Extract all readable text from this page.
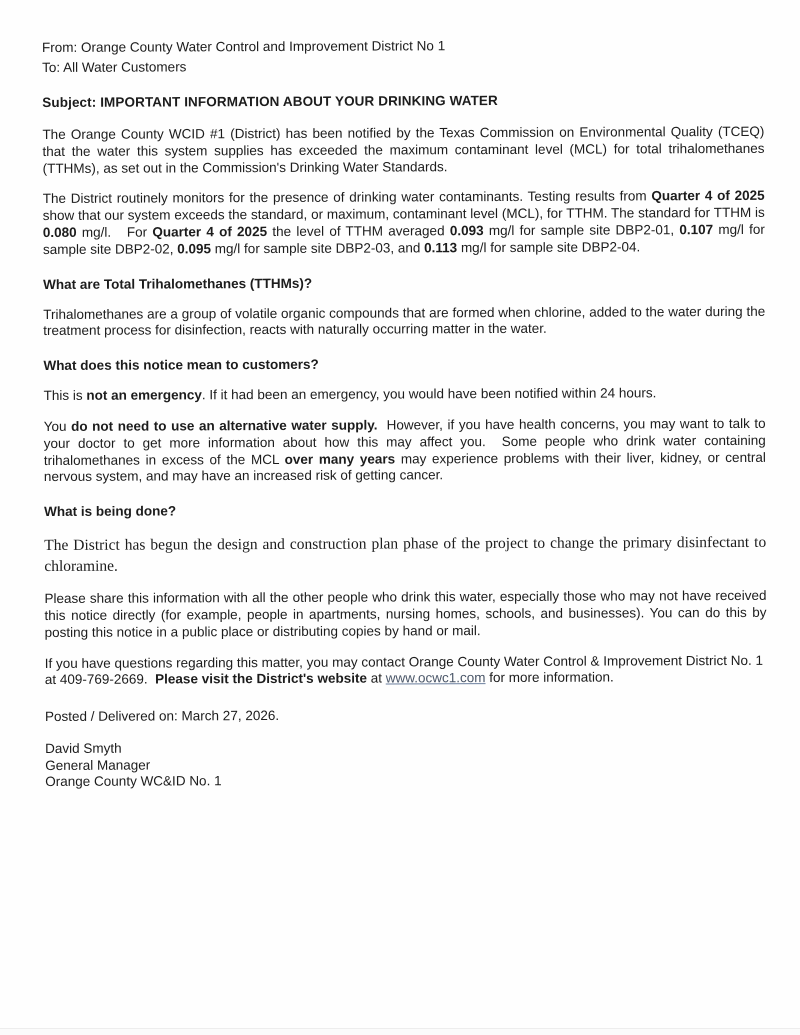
From: Orange County Water Control and Improvement District No 1
To: All Water Customers
Subject: IMPORTANT INFORMATION ABOUT YOUR DRINKING WATER
The Orange County WCID #1 (District) has been notified by the Texas Commission on Environmental Quality (TCEQ) that the water this system supplies has exceeded the maximum contaminant level (MCL) for total trihalomethanes (TTHMs), as set out in the Commission's Drinking Water Standards.
The District routinely monitors for the presence of drinking water contaminants. Testing results from Quarter 4 of 2025 show that our system exceeds the standard, or maximum, contaminant level (MCL), for TTHM. The standard for TTHM is 0.080 mg/l.   For Quarter 4 of 2025 the level of TTHM averaged 0.093 mg/l for sample site DBP2-01, 0.107 mg/l for sample site DBP2-02, 0.095 mg/l for sample site DBP2-03, and 0.113 mg/l for sample site DBP2-04.
What are Total Trihalomethanes (TTHMs)?
Trihalomethanes are a group of volatile organic compounds that are formed when chlorine, added to the water during the treatment process for disinfection, reacts with naturally occurring matter in the water.
What does this notice mean to customers?
This is not an emergency. If it had been an emergency, you would have been notified within 24 hours.
You do not need to use an alternative water supply.  However, if you have health concerns, you may want to talk to your doctor to get more information about how this may affect you.  Some people who drink water containing trihalomethanes in excess of the MCL over many years may experience problems with their liver, kidney, or central nervous system, and may have an increased risk of getting cancer.
What is being done?
The District has begun the design and construction plan phase of the project to change the primary disinfectant to chloramine.
Please share this information with all the other people who drink this water, especially those who may not have received this notice directly (for example, people in apartments, nursing homes, schools, and businesses). You can do this by posting this notice in a public place or distributing copies by hand or mail.
If you have questions regarding this matter, you may contact Orange County Water Control & Improvement District No. 1 at 409-769-2669.  Please visit the District's website at www.ocwc1.com for more information.
Posted / Delivered on: March 27, 2026.
David Smyth
General Manager
Orange County WC&ID No. 1
